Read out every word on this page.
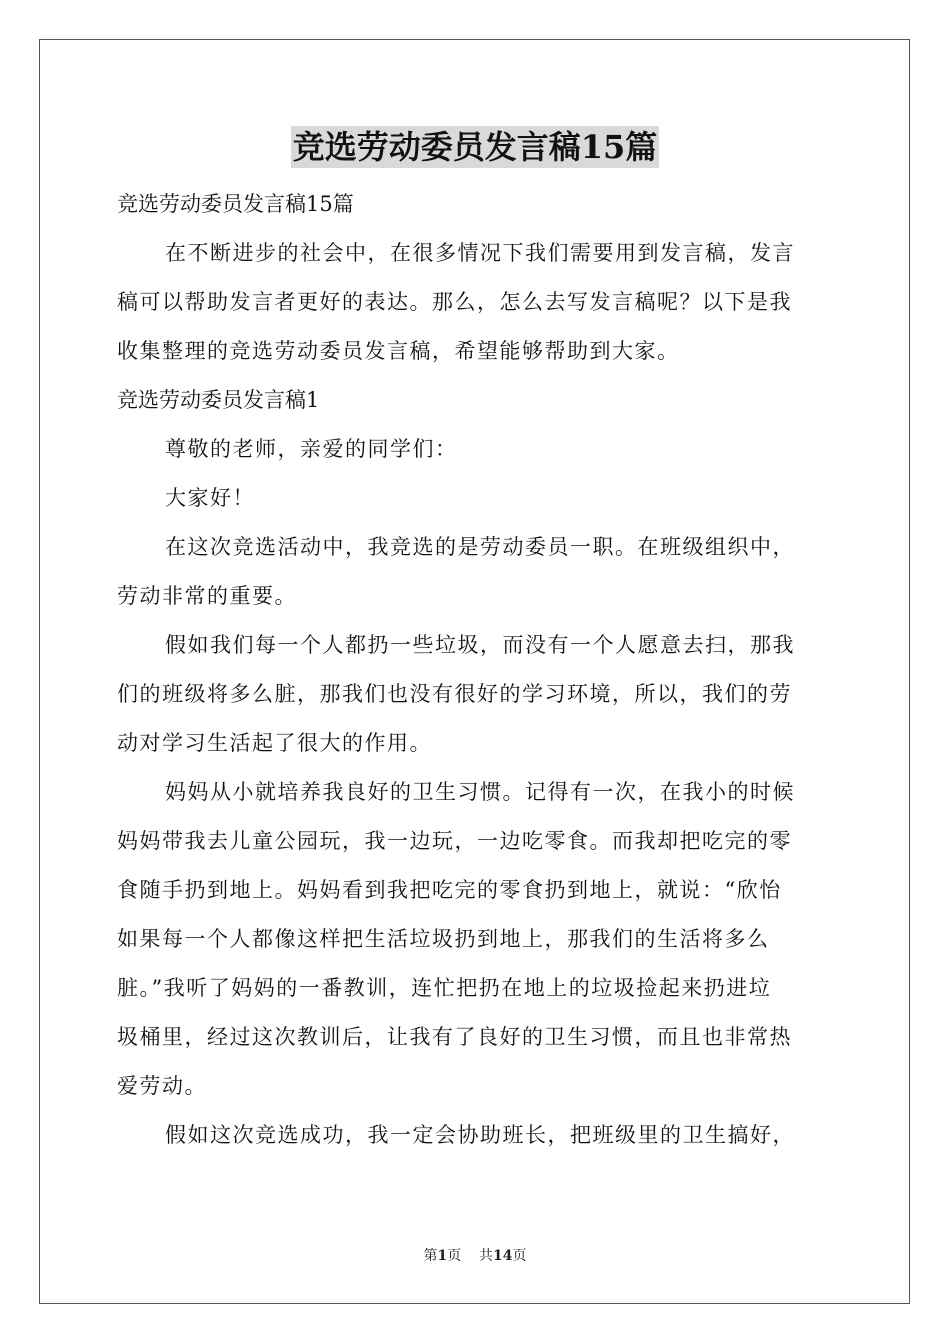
竞选劳动委员发言稿15篇
竞选劳动委员发言稿15篇
在不断进步的社会中，在很多情况下我们需要用到发言稿，发言
稿可以帮助发言者更好的表达。那么，怎么去写发言稿呢？以下是我
收集整理的竞选劳动委员发言稿，希望能够帮助到大家。
竞选劳动委员发言稿1
尊敬的老师，亲爱的同学们：
大家好！
在这次竞选活动中，我竞选的是劳动委员一职。在班级组织中，
劳动非常的重要。
假如我们每一个人都扔一些垃圾，而没有一个人愿意去扫，那我
们的班级将多么脏，那我们也没有很好的学习环境，所以，我们的劳
动对学习生活起了很大的作用。
妈妈从小就培养我良好的卫生习惯。记得有一次，在我小的时候
妈妈带我去儿童公园玩，我一边玩，一边吃零食。而我却把吃完的零
食随手扔到地上。妈妈看到我把吃完的零食扔到地上，就说：“欣怡
如果每一个人都像这样把生活垃圾扔到地上，那我们的生活将多么
脏。”我听了妈妈的一番教训，连忙把扔在地上的垃圾捡起来扔进垃
圾桶里，经过这次教训后，让我有了良好的卫生习惯，而且也非常热
爱劳动。
假如这次竞选成功，我一定会协助班长，把班级里的卫生搞好，
第1页 共14页
